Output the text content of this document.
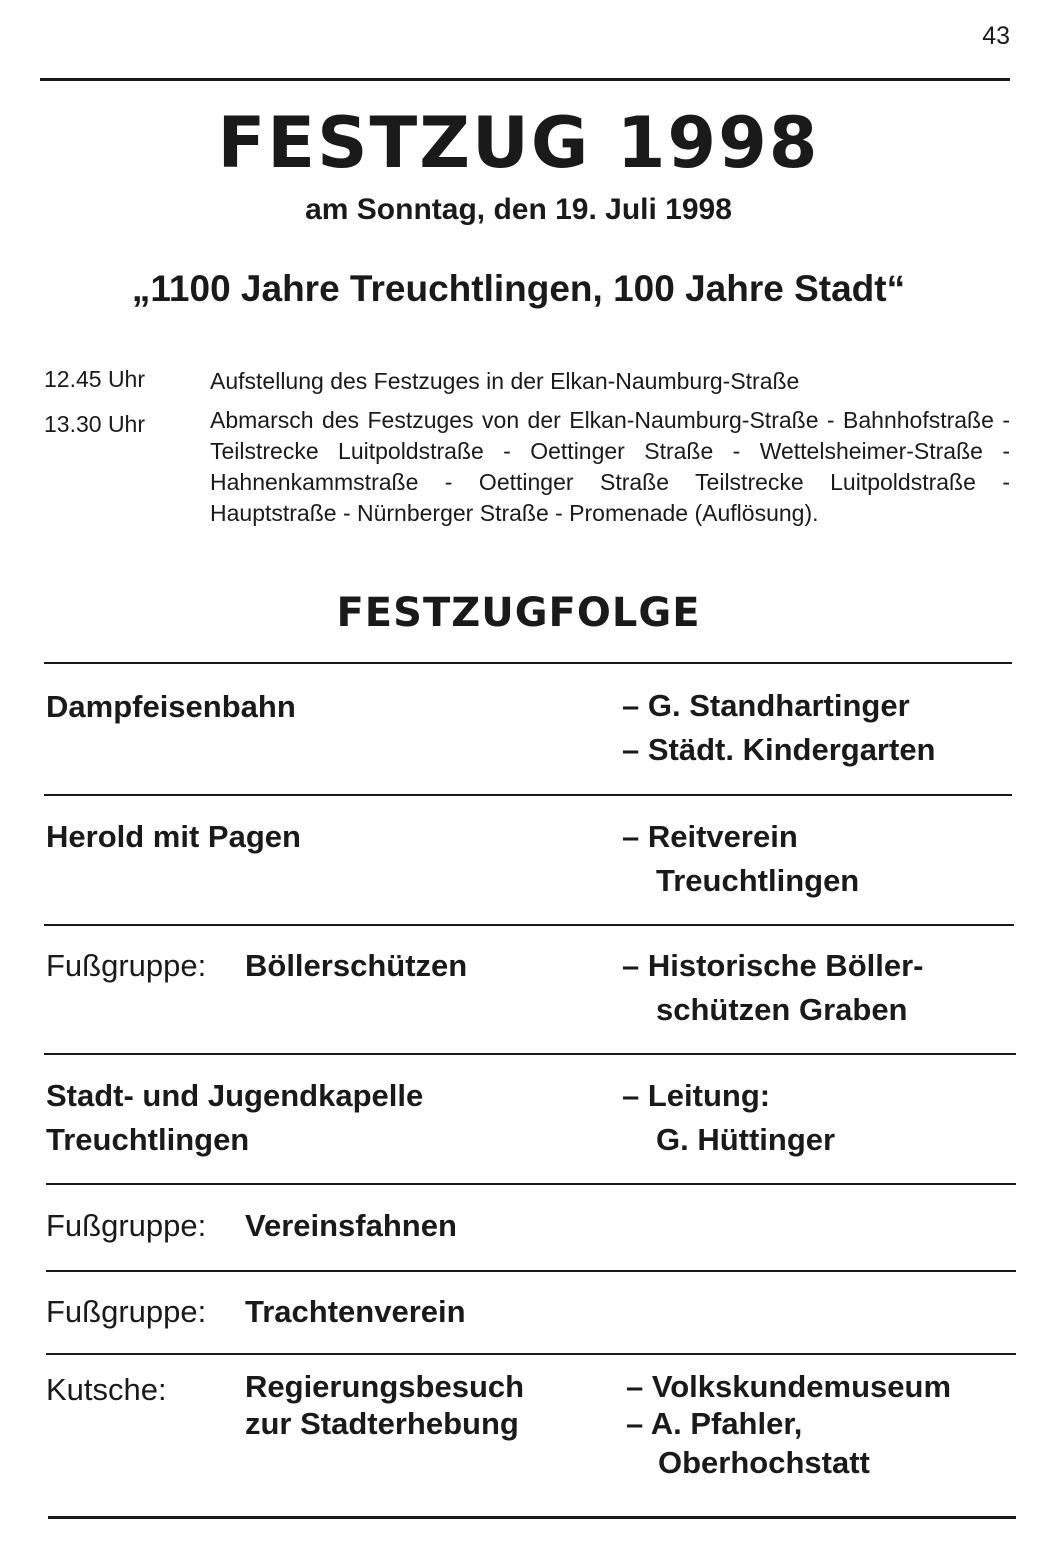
43
FESTZUG 1998
am Sonntag, den 19. Juli 1998
„1100 Jahre Treuchtlingen, 100 Jahre Stadt“
12.45 Uhr	Aufstellung des Festzuges in der Elkan-Naumburg-Straße
13.30 Uhr	Abmarsch des Festzuges von der Elkan-Naumburg-Straße - Bahnhofstraße - Teilstrecke Luitpoldstraße - Oettinger Straße - Wettelsheimer-Straße - Hahnenkammstraße - Oettinger Straße Teilstrecke Luitpoldstraße - Hauptstraße - Nürnberger Straße - Promenade (Auflösung).
FESTZUGFOLGE
Dampfeisenbahn	– G. Standhartinger
– Städt. Kindergarten
Herold mit Pagen	– Reitverein
Treuchtlingen
Fußgruppe: Böllerschützen	– Historische Böller-
schützen Graben
Stadt- und Jugendkapelle
Treuchtlingen
– Leitung:
G. Hüttinger
Fußgruppe: Vereinsfahnen
Fußgruppe: Trachtenverein
Kutsche:	Regierungsbesuch
zur Stadterhebung
– Volkskundemuseum
– A. Pfahler,
Oberhochstatt
